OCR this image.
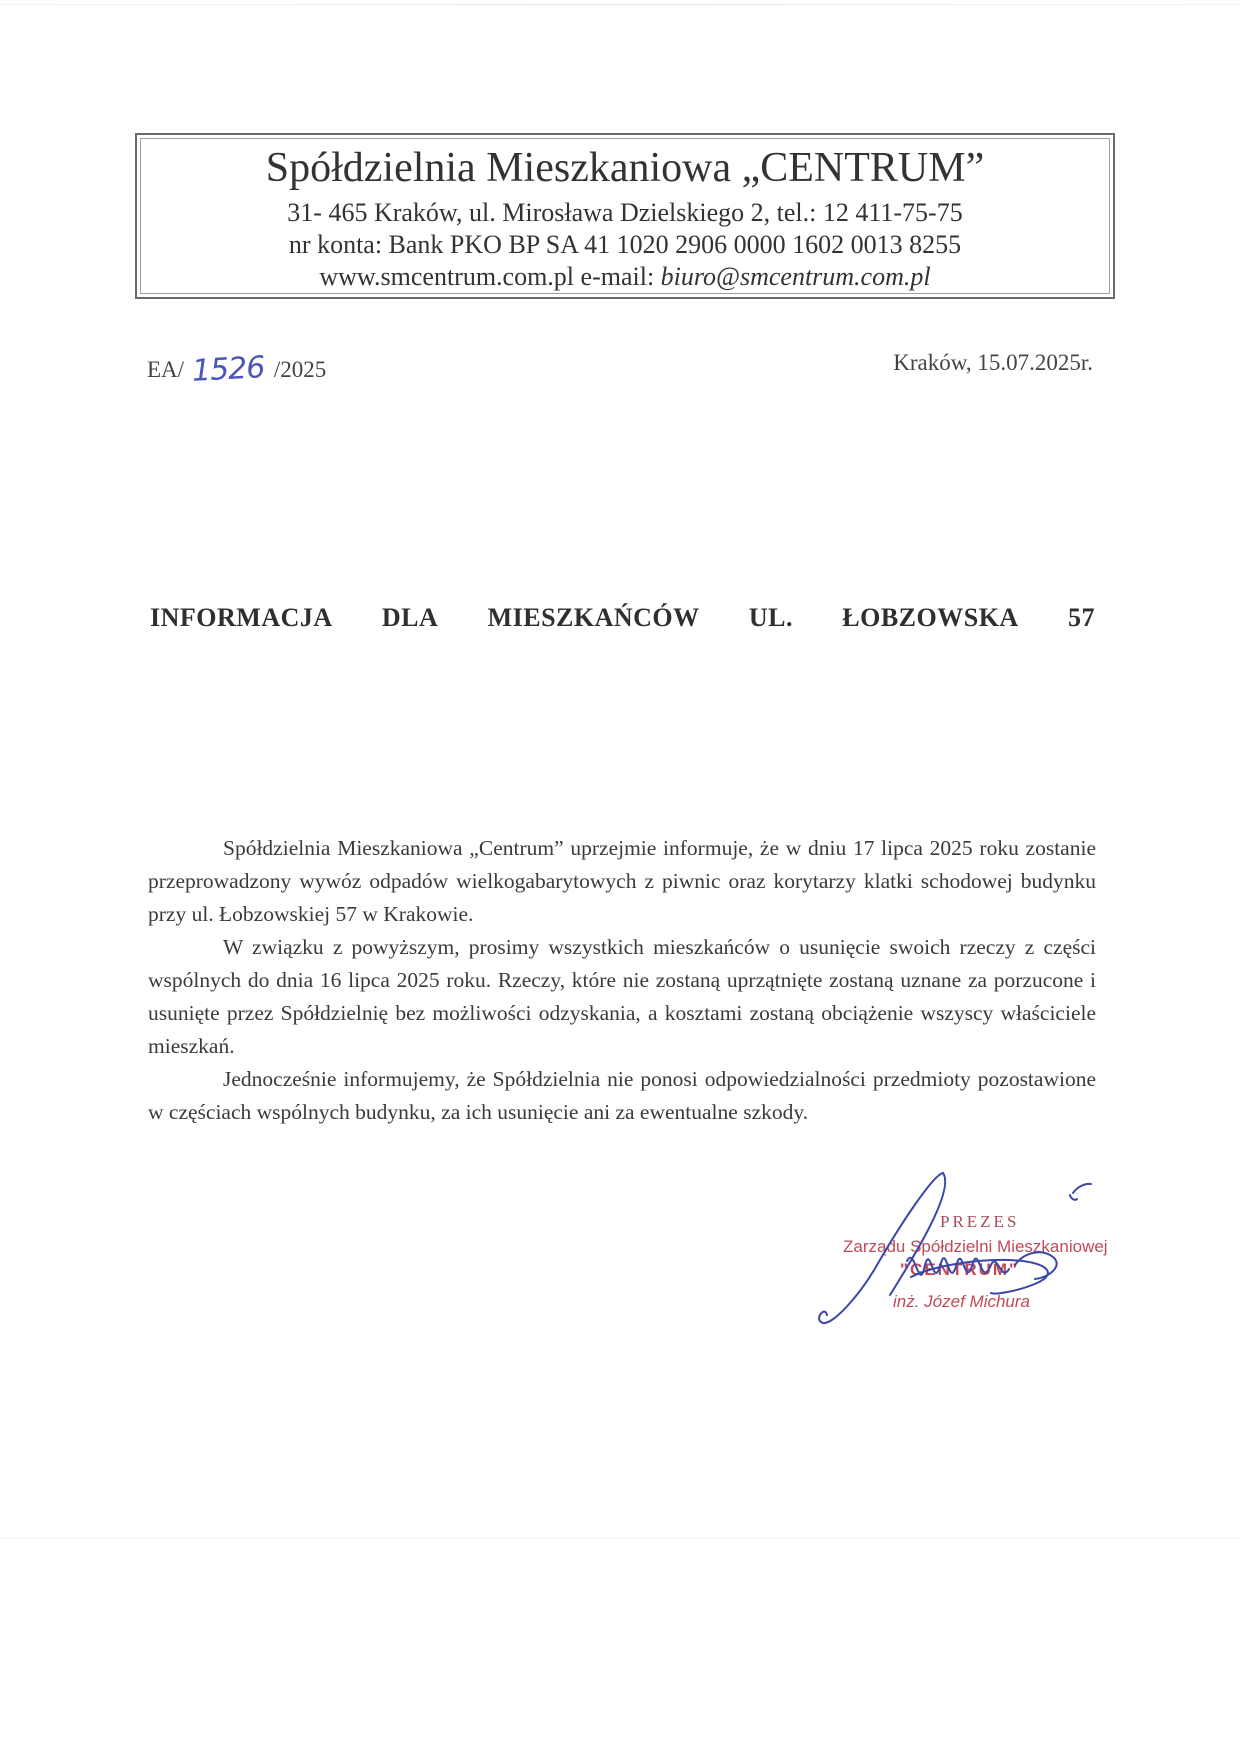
Spółdzielnia Mieszkaniowa „CENTRUM”
31- 465 Kraków, ul. Mirosława Dzielskiego 2, tel.: 12 411-75-75
nr konta: Bank PKO BP SA 41 1020 2906 0000 1602 0013 8255
www.smcentrum.com.pl e-mail: biuro@smcentrum.com.pl
EA/ 1526 /2025	Kraków, 15.07.2025r.
INFORMACJA DLA MIESZKAŃCÓW UL. ŁOBZOWSKA 57

Spółdzielnia Mieszkaniowa „Centrum” uprzejmie informuje, że w dniu 17 lipca 2025 roku zostanie przeprowadzony wywóz odpadów wielkogabarytowych z piwnic oraz korytarzy klatki schodowej budynku przy ul. Łobzowskiej 57 w Krakowie.

W związku z powyższym, prosimy wszystkich mieszkańców o usunięcie swoich rzeczy z części wspólnych do dnia 16 lipca 2025 roku. Rzeczy, które nie zostaną uprzątnięte zostaną uznane za porzucone i usunięte przez Spółdzielnię bez możliwości odzyskania, a kosztami zostaną obciążenie wszyscy właściciele mieszkań.

Jednocześnie informujemy, że Spółdzielnia nie ponosi odpowiedzialności przedmioty pozostawione w częściach wspólnych budynku, za ich usunięcie ani za ewentualne szkody.

PREZES
Zarządu Spółdzielni Mieszkaniowej
"CENTRUM"
inż. Józef Michura
